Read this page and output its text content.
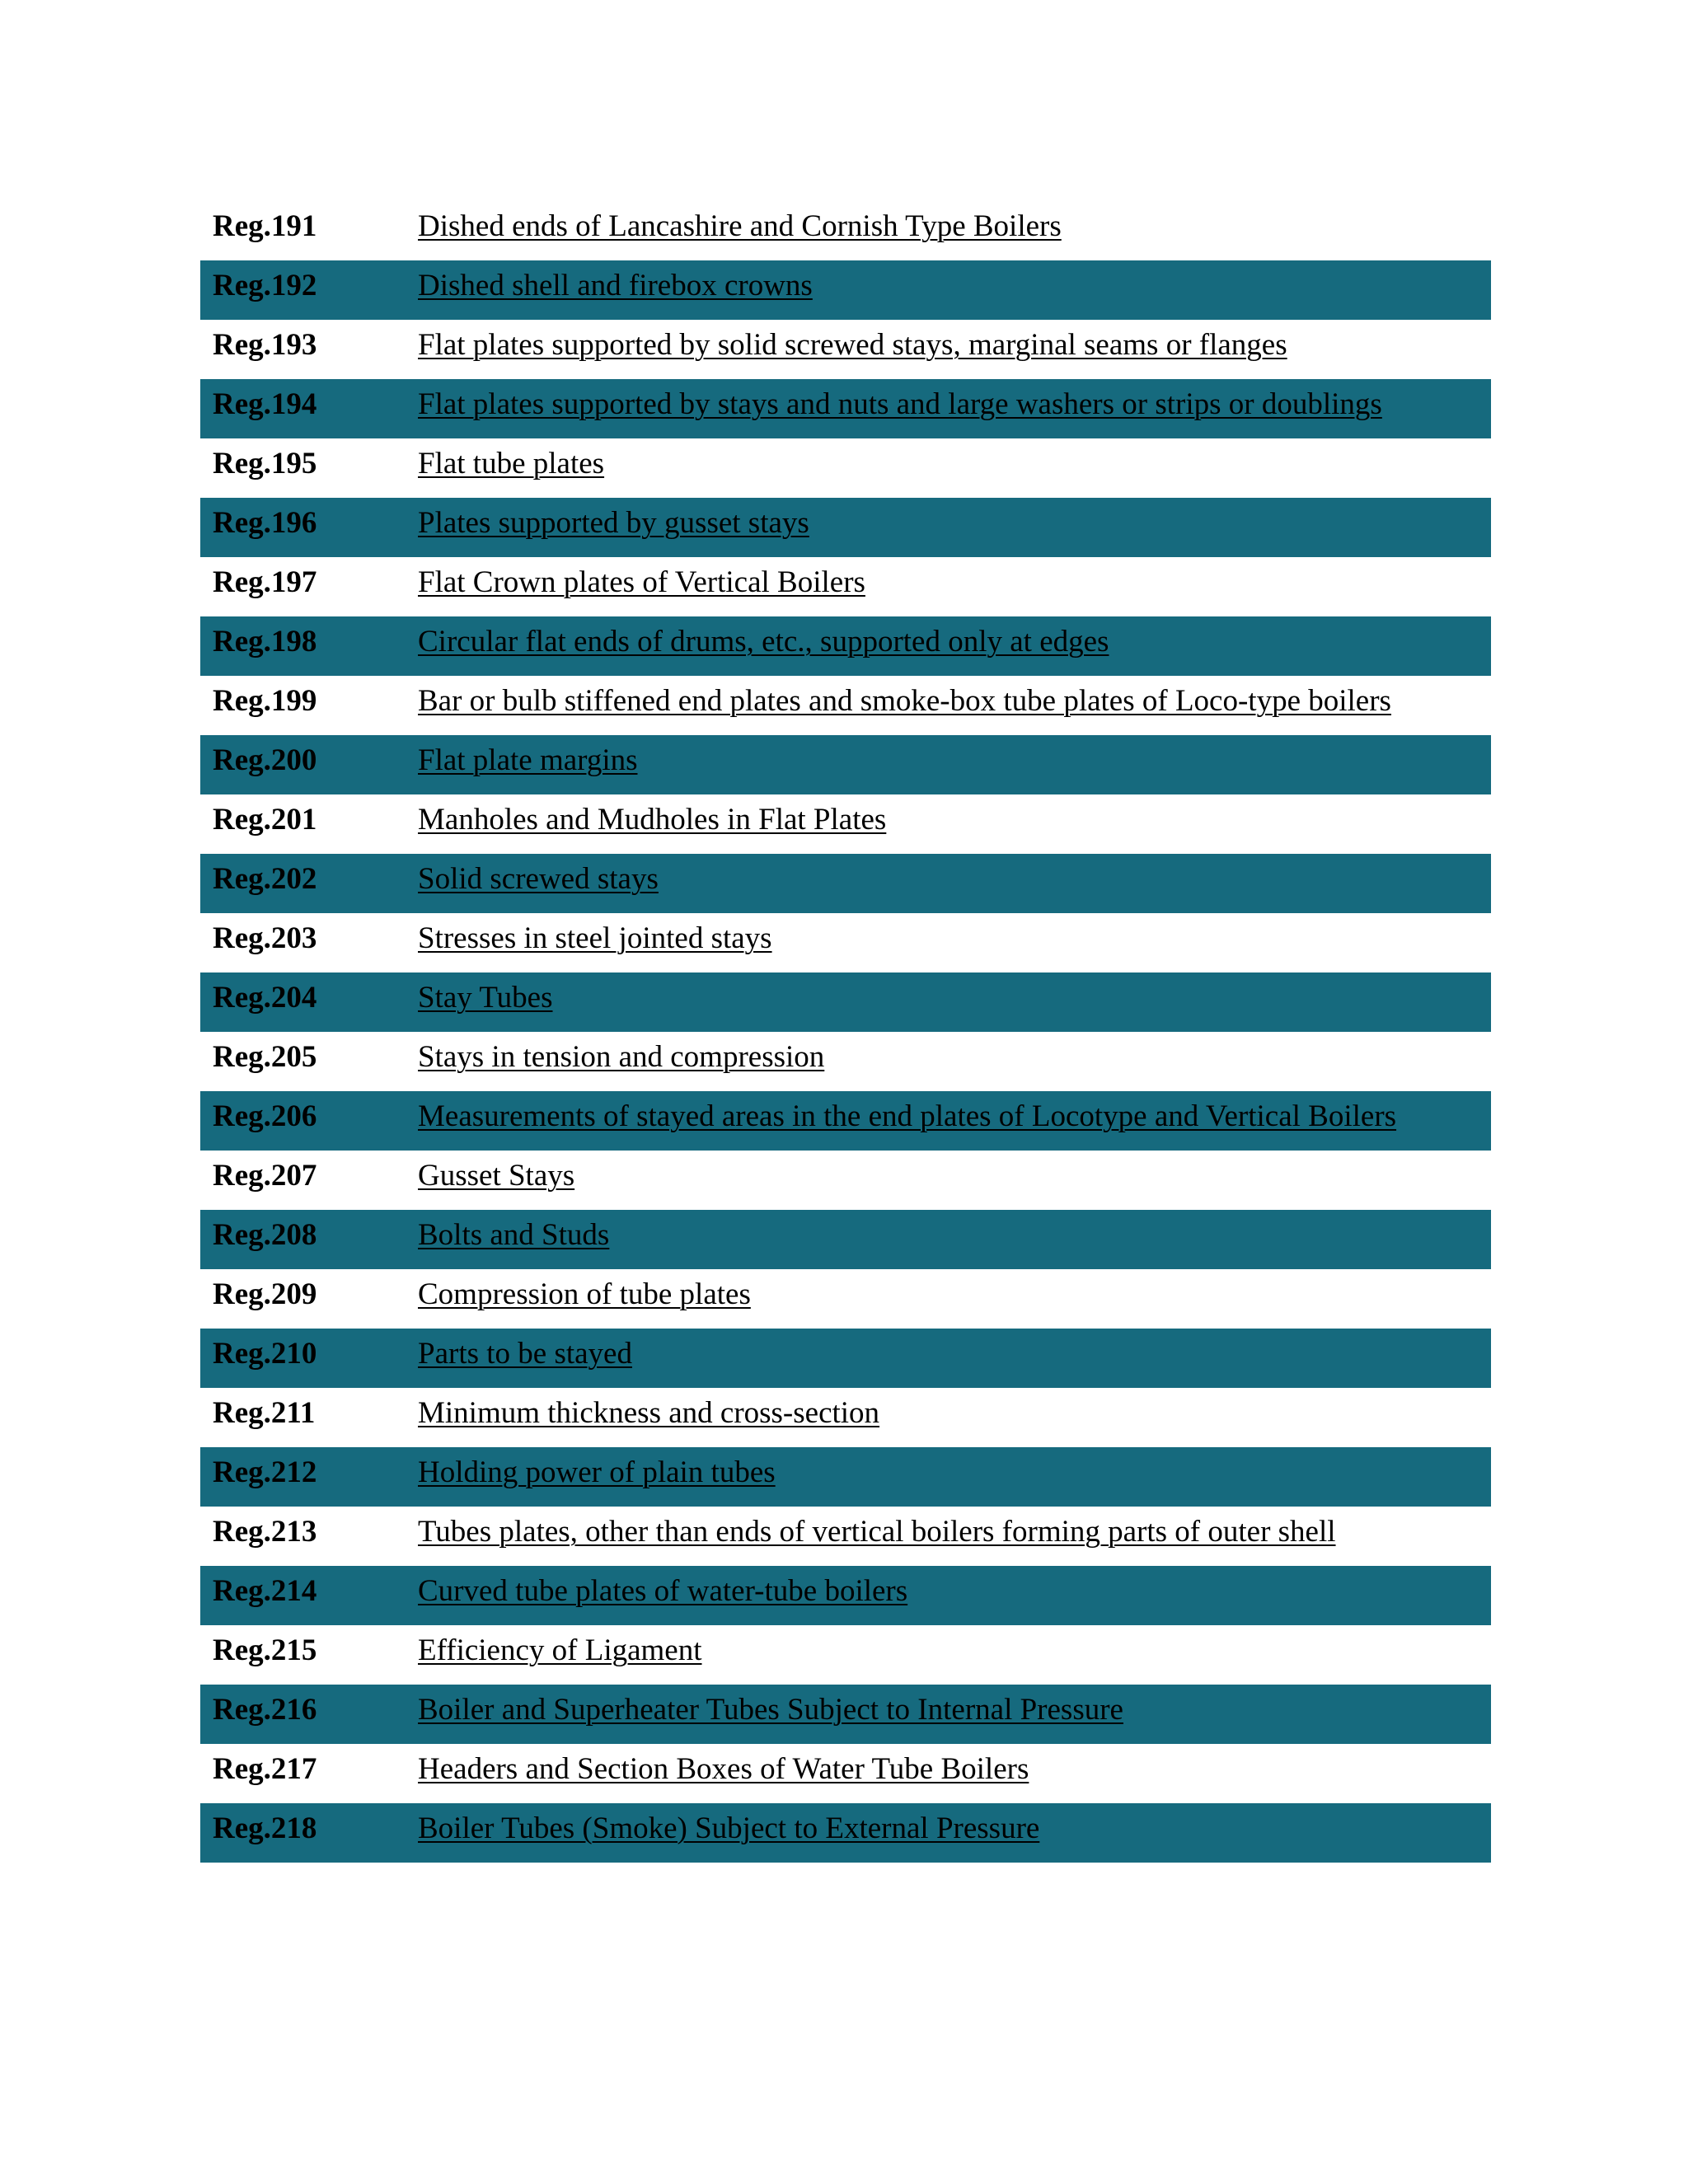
Reg.191	Dished ends of Lancashire and Cornish Type Boilers
Reg.192	Dished shell and firebox crowns
Reg.193	Flat plates supported by solid screwed stays, marginal seams or flanges
Reg.194	Flat plates supported by stays and nuts and large washers or strips or doublings
Reg.195	Flat tube plates
Reg.196	Plates supported by gusset stays
Reg.197	Flat Crown plates of Vertical Boilers
Reg.198	Circular flat ends of drums, etc., supported only at edges
Reg.199	Bar or bulb stiffened end plates and smoke-box tube plates of Loco-type boilers
Reg.200	Flat plate margins
Reg.201	Manholes and Mudholes in Flat Plates
Reg.202	Solid screwed stays
Reg.203	Stresses in steel jointed stays
Reg.204	Stay Tubes
Reg.205	Stays in tension and compression
Reg.206	Measurements of stayed areas in the end plates of Locotype and Vertical Boilers
Reg.207	Gusset Stays
Reg.208	Bolts and Studs
Reg.209	Compression of tube plates
Reg.210	Parts to be stayed
Reg.211	Minimum thickness and cross-section
Reg.212	Holding power of plain tubes
Reg.213	Tubes plates, other than ends of vertical boilers forming parts of outer shell
Reg.214	Curved tube plates of water-tube boilers
Reg.215	Efficiency of Ligament
Reg.216	Boiler and Superheater Tubes Subject to Internal Pressure
Reg.217	Headers and Section Boxes of Water Tube Boilers
Reg.218	Boiler Tubes (Smoke) Subject to External Pressure
